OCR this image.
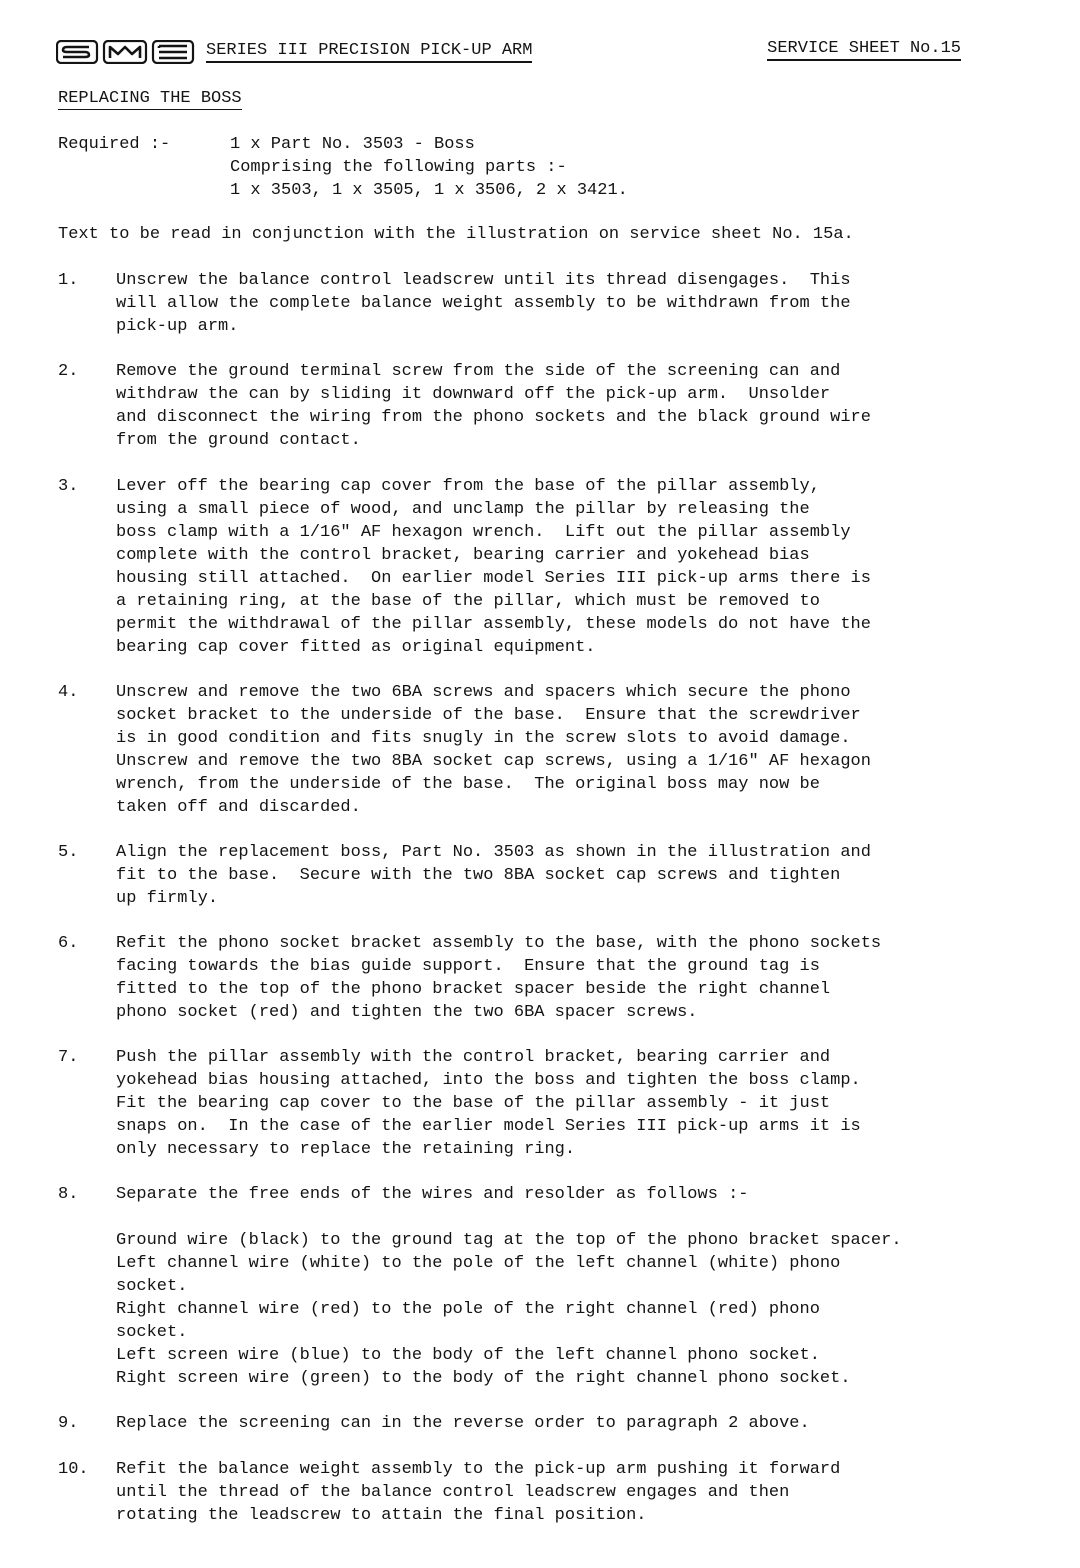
SERIES III PRECISION PICK-UP ARM	SERVICE SHEET No.15
REPLACING THE BOSS
Required :-	1 x Part No. 3503 - Boss
Comprising the following parts :-
1 x 3503, 1 x 3505, 1 x 3506, 2 x 3421.
Text to be read in conjunction with the illustration on service sheet No. 15a.
1.	Unscrew the balance control leadscrew until its thread disengages.  This
will allow the complete balance weight assembly to be withdrawn from the
pick-up arm.
2.	Remove the ground terminal screw from the side of the screening can and
withdraw the can by sliding it downward off the pick-up arm.  Unsolder
and disconnect the wiring from the phono sockets and the black ground wire
from the ground contact.
3.	Lever off the bearing cap cover from the base of the pillar assembly,
using a small piece of wood, and unclamp the pillar by releasing the
boss clamp with a 1/16" AF hexagon wrench.  Lift out the pillar assembly
complete with the control bracket, bearing carrier and yokehead bias
housing still attached.  On earlier model Series III pick-up arms there is
a retaining ring, at the base of the pillar, which must be removed to
permit the withdrawal of the pillar assembly, these models do not have the
bearing cap cover fitted as original equipment.
4.	Unscrew and remove the two 6BA screws and spacers which secure the phono
socket bracket to the underside of the base.  Ensure that the screwdriver
is in good condition and fits snugly in the screw slots to avoid damage.
Unscrew and remove the two 8BA socket cap screws, using a 1/16" AF hexagon
wrench, from the underside of the base.  The original boss may now be
taken off and discarded.
5.	Align the replacement boss, Part No. 3503 as shown in the illustration and
fit to the base.  Secure with the two 8BA socket cap screws and tighten
up firmly.
6.	Refit the phono socket bracket assembly to the base, with the phono sockets
facing towards the bias guide support.  Ensure that the ground tag is
fitted to the top of the phono bracket spacer beside the right channel
phono socket (red) and tighten the two 6BA spacer screws.
7.	Push the pillar assembly with the control bracket, bearing carrier and
yokehead bias housing attached, into the boss and tighten the boss clamp.
Fit the bearing cap cover to the base of the pillar assembly - it just
snaps on.  In the case of the earlier model Series III pick-up arms it is
only necessary to replace the retaining ring.
8.	Separate the free ends of the wires and resolder as follows :-
Ground wire (black) to the ground tag at the top of the phono bracket spacer.
Left channel wire (white) to the pole of the left channel (white) phono
socket.
Right channel wire (red) to the pole of the right channel (red) phono
socket.
Left screen wire (blue) to the body of the left channel phono socket.
Right screen wire (green) to the body of the right channel phono socket.
9.	Replace the screening can in the reverse order to paragraph 2 above.
10.	Refit the balance weight assembly to the pick-up arm pushing it forward
until the thread of the balance control leadscrew engages and then
rotating the leadscrew to attain the final position.
